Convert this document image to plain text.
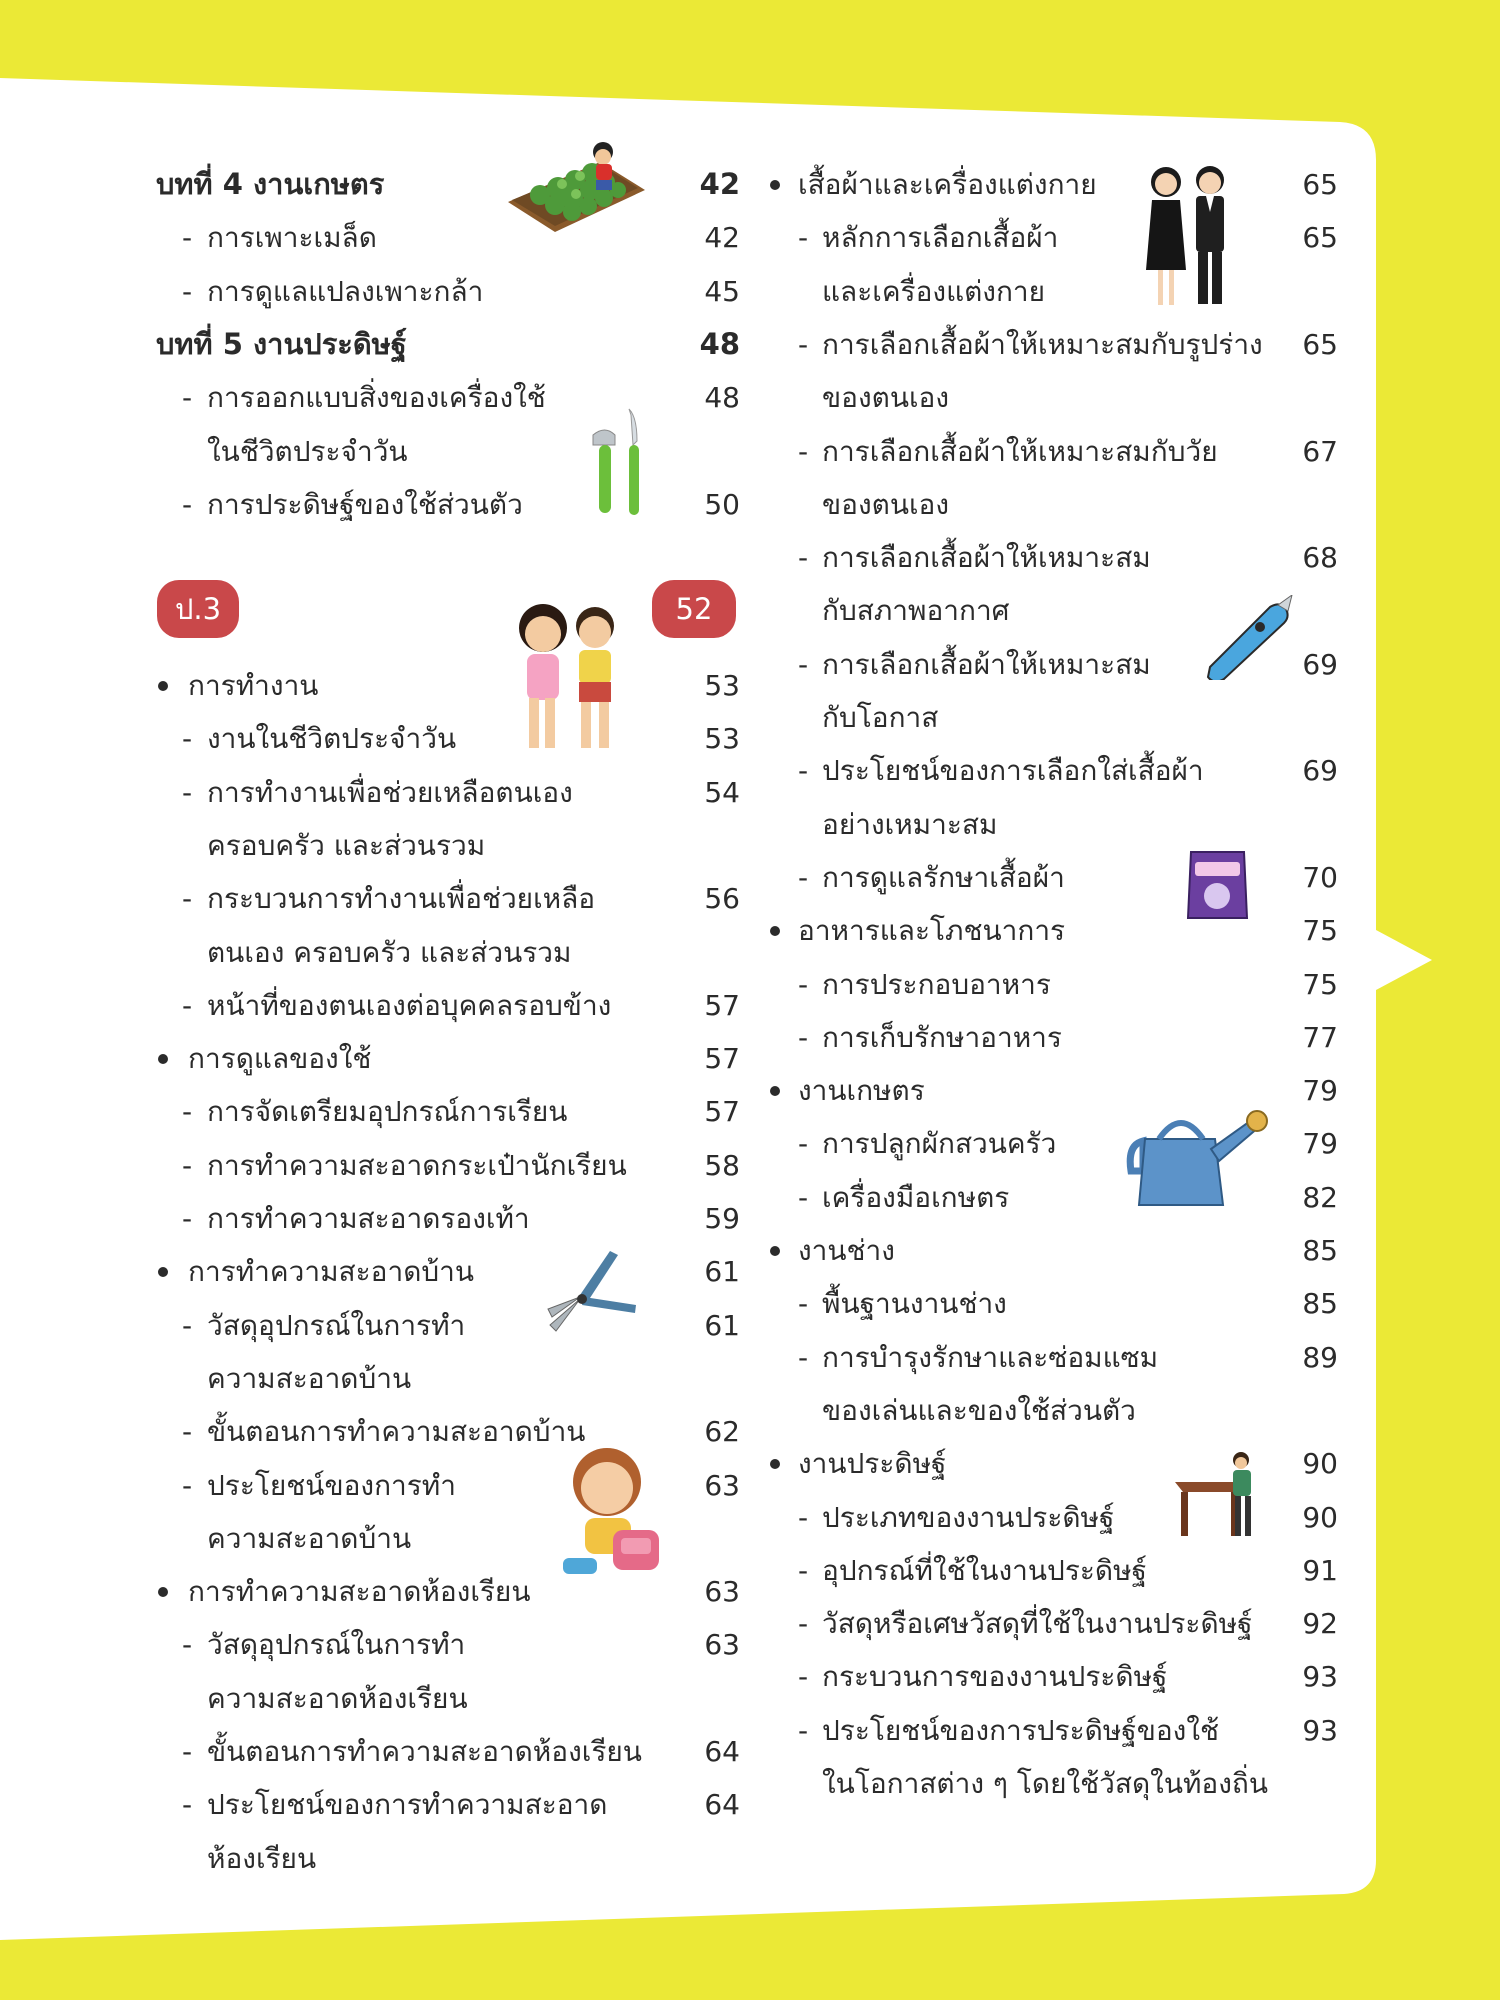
บทที่ 4 งานเกษตร	42
- การเพาะเมล็ด	42
- การดูแลแปลงเพาะกล้า	45
บทที่ 5 งานประดิษฐ์	48
- การออกแบบสิ่งของเครื่องใช้	48
ในชีวิตประจำวัน
- การประดิษฐ์ของใช้ส่วนตัว	50
การทำงาน	53
- งานในชีวิตประจำวัน	53
- การทำงานเพื่อช่วยเหลือตนเอง	54
ครอบครัว และส่วนรวม
- กระบวนการทำงานเพื่อช่วยเหลือ	56
ตนเอง ครอบครัว และส่วนรวม
- หน้าที่ของตนเองต่อบุคคลรอบข้าง	57
การดูแลของใช้	57
- การจัดเตรียมอุปกรณ์การเรียน	57
- การทำความสะอาดกระเป๋านักเรียน	58
- การทำความสะอาดรองเท้า	59
การทำความสะอาดบ้าน	61
- วัสดุอุปกรณ์ในการทำ	61
ความสะอาดบ้าน
- ขั้นตอนการทำความสะอาดบ้าน	62
- ประโยชน์ของการทำ	63
ความสะอาดบ้าน
การทำความสะอาดห้องเรียน	63
- วัสดุอุปกรณ์ในการทำ	63
ความสะอาดห้องเรียน
- ขั้นตอนการทำความสะอาดห้องเรียน 64
- ประโยชน์ของการทำความสะอาด	64
ห้องเรียน
เสื้อผ้าและเครื่องแต่งกาย	65
- หลักการเลือกเสื้อผ้า	65
และเครื่องแต่งกาย
- การเลือกเสื้อผ้าให้เหมาะสมกับรูปร่าง 65
ของตนเอง
- การเลือกเสื้อผ้าให้เหมาะสมกับวัย	67
ของตนเอง
- การเลือกเสื้อผ้าให้เหมาะสม	68
กับสภาพอากาศ
- การเลือกเสื้อผ้าให้เหมาะสม	69
กับโอกาส
- ประโยชน์ของการเลือกใส่เสื้อผ้า	69
อย่างเหมาะสม
- การดูแลรักษาเสื้อผ้า	70
อาหารและโภชนาการ	75
- การประกอบอาหาร	75
- การเก็บรักษาอาหาร	77
งานเกษตร	79
- การปลูกผักสวนครัว	79
- เครื่องมือเกษตร	82
งานช่าง	85
- พื้นฐานงานช่าง	85
- การบำรุงรักษาและซ่อมแซม	89
ของเล่นและของใช้ส่วนตัว
งานประดิษฐ์	90
- ประเภทของงานประดิษฐ์	90
- อุปกรณ์ที่ใช้ในงานประดิษฐ์	91
- วัสดุหรือเศษวัสดุที่ใช้ในงานประดิษฐ์ 92
- กระบวนการของงานประดิษฐ์	93
- ประโยชน์ของการประดิษฐ์ของใช้	93
ในโอกาสต่าง ๆ โดยใช้วัสดุในท้องถิ่น
ป.3	52
